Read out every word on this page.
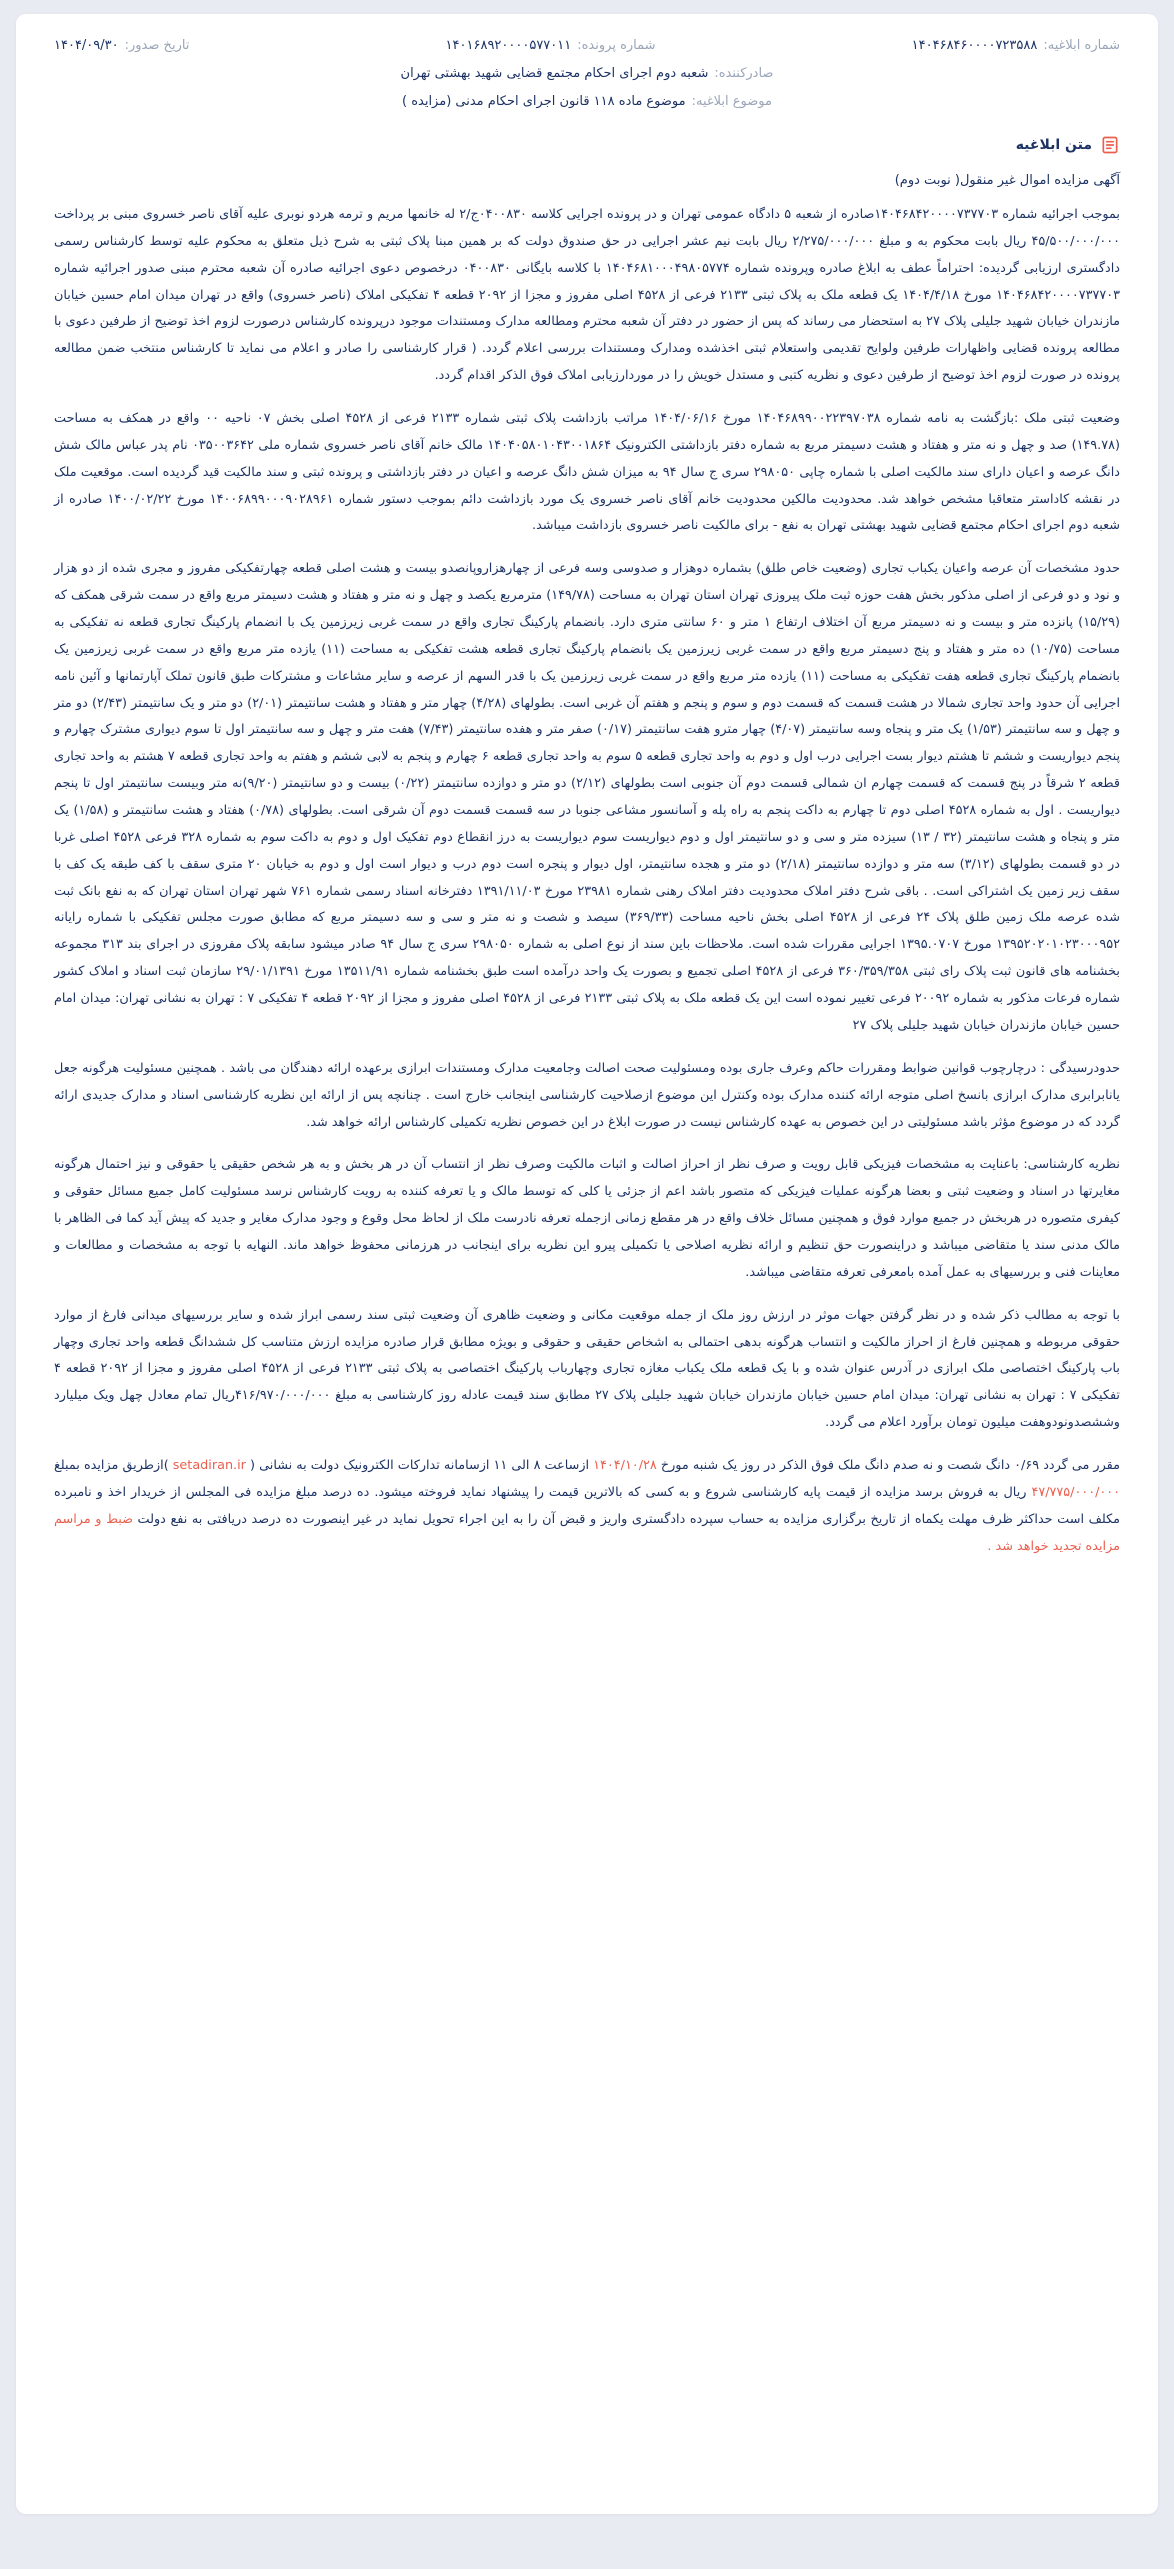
شماره ابلاغیه:
۱۴۰۴۶۸۴۶۰۰۰۰۷۲۳۵۸۸
شماره پرونده:
۱۴۰۱۶۸۹۲۰۰۰۰۵۷۷۰۱۱
تاریخ صدور:
۱۴۰۴/۰۹/۳۰
صادرکننده:
شعبه دوم اجرای احکام مجتمع قضایی شهید بهشتی تهران
موضوع ابلاغیه:
موضوع ماده ۱۱۸ قانون اجرای احکام مدنی (مزایده )
متن ابلاغیه

آگهی مزایده اموال غیر منقول( نوبت دوم)

بموجب اجرائیه شماره ۱۴۰۴۶۸۴۲۰۰۰۰۷۳۷۷۰۳صادره از شعبه ۵ دادگاه عمومی تهران و در پرونده اجرایی کلاسه ۰۴۰۰۸۳۰ج/۲ له خانمها مریم و ترمه هردو نوبری علیه آقای ناصر خسروی مبنی بر پرداخت ۴۵/۵۰۰/۰۰۰/۰۰۰ ریال بابت محکوم به و مبلغ ۲/۲۷۵/۰۰۰/۰۰۰ ریال بابت نیم عشر اجرایی در حق صندوق دولت که بر همین مبنا پلاک ثبتی به شرح ذیل متعلق به محکوم علیه توسط کارشناس رسمی دادگستری ارزیابی گردیده: احتراماً عطف به ابلاغ صادره وپرونده شماره ۱۴۰۴۶۸۱۰۰۰۴۹۸۰۵۷۷۴ با کلاسه بایگانی ۰۴۰۰۸۳۰ درخصوص دعوی اجرائیه صادره آن شعبه محترم مبنی صدور اجرائیه شماره ۱۴۰۴۶۸۴۲۰۰۰۰۷۳۷۷۰۳ مورخ ۱۴۰۴/۴/۱۸ یک قطعه ملک به پلاک ثبتی ۲۱۳۳ فرعی از ۴۵۲۸ اصلی مفروز و مجزا از ۲۰۹۲ قطعه ۴ تفکیکی املاک (ناصر خسروی) واقع در تهران میدان امام حسین خیابان مازندران خیابان شهید جلیلی پلاک ۲۷ به استحضار می رساند که پس از حضور در دفتر آن شعبه محترم ومطالعه مدارک ومستندات موجود درپرونده کارشناس درصورت لزوم اخذ توضیح از طرفین دعوی با مطالعه پرونده قضایی واظهارات طرفین ولوایح تقدیمی واستعلام ثبتی اخذشده ومدارک ومستندات بررسی اعلام گردد. ( قرار کارشناسی را صادر و اعلام می نماید تا کارشناس منتخب ضمن مطالعه پرونده در صورت لزوم اخذ توضیح از طرفین دعوی و نظریه کتبی و مستدل خویش را در موردارزیابی املاک فوق الذکر اقدام گردد.

وضعیت ثبتی ملک :بازگشت به نامه شماره ۱۴۰۴۶۸۹۹۰۰۲۲۳۹۷۰۳۸ مورخ ۱۴۰۴/۰۶/۱۶ مراتب بازداشت پلاک ثبتی شماره ۲۱۳۳ فرعی از ۴۵۲۸ اصلی بخش ۰۷ ناحیه ۰۰ واقع در همکف به مساحت (۱۴۹.۷۸) صد و چهل و نه متر و هفتاد و هشت دسیمتر مربع به شماره دفتر بازداشتی الکترونیک ۱۴۰۴۰۵۸۰۱۰۴۳۰۰۱۸۶۴ مالک خانم آقای ناصر خسروی شماره ملی ۰۳۵۰۰۳۶۴۲ نام پدر عباس مالک شش دانگ عرصه و اعیان دارای سند مالکیت اصلی با شماره چاپی ۲۹۸۰۵۰ سری ج سال ۹۴ به میزان شش دانگ عرصه و اعیان در دفتر بازداشتی و پرونده ثبتی و سند مالکیت قید گردیده است. موقعیت ملک در نقشه کاداستر متعاقبا مشخص خواهد شد. محدودیت مالکین محدودیت خانم آقای ناصر خسروی یک مورد بازداشت دائم بموجب دستور شماره ۱۴۰۰۶۸۹۹۰۰۰۹۰۲۸۹۶۱ مورخ ۱۴۰۰/۰۲/۲۲ صادره از شعبه دوم اجرای احکام مجتمع قضایی شهید بهشتی تهران به نفع - برای مالکیت ناصر خسروی بازداشت میباشد.

حدود مشخصات آن عرصه واعیان یکباب تجاری (وضعیت خاص طلق) بشماره دوهزار و صدوسی وسه فرعی از چهارهزاروپانصدو بیست و هشت اصلی قطعه چهارتفکیکی مفروز و مجری شده از دو هزار و نود و دو فرعی از اصلی مذکور بخش هفت حوزه ثبت ملک پیروزی تهران استان تهران به مساحت (۱۴۹/۷۸) مترمربع یکصد و چهل و نه متر و هفتاد و هشت دسیمتر مربع واقع در سمت شرقی همکف که (۱۵/۲۹) پانزده متر و بیست و نه دسیمتر مربع آن اختلاف ارتفاع ۱ متر و ۶۰ سانتی متری دارد. بانضمام پارکینگ تجاری واقع در سمت غربی زیرزمین یک با انضمام پارکینگ تجاری قطعه نه تفکیکی به مساحت (۱۰/۷۵) ده متر و هفتاد و پنج دسیمتر مربع واقع در سمت غربی زیرزمین یک بانضمام پارکینگ تجاری قطعه هشت تفکیکی به مساحت (۱۱) یازده متر مربع واقع در سمت غربی زیرزمین یک بانضمام پارکینگ تجاری قطعه هفت تفکیکی به مساحت (۱۱) یازده متر مربع واقع در سمت غربی زیرزمین یک با قدر السهم از عرصه و سایر مشاعات و مشترکات طبق قانون تملک آپارتمانها و آئین نامه اجرایی آن حدود واحد تجاری شمالا در هشت قسمت که قسمت دوم و سوم و پنجم و هفتم آن غربی است. بطولهای (۴/۲۸) چهار متر و هفتاد و هشت سانتیمتر (۲/۰۱) دو متر و یک سانتیمتر (۲/۴۳) دو متر و چهل و سه سانتیمتر (۱/۵۳) یک متر و پنجاه وسه سانتیمتر (۴/۰۷) چهار مترو هفت سانتیمتر (۰/۱۷) صفر متر و هفده سانتیمتر (۷/۴۳) هفت متر و چهل و سه سانتیمتر اول تا سوم دیواری مشترک چهارم و پنجم دیواریست و ششم تا هشتم دیوار بست اجرایی درب اول و دوم به واحد تجاری قطعه ۵ سوم به واحد تجاری قطعه ۶ چهارم و پنجم به لابی ششم و هفتم به واحد تجاری قطعه ۷ هشتم به واحد تجاری قطعه ۲ شرقاً در پنج قسمت که قسمت چهارم ان شمالی قسمت دوم آن جنوبی است بطولهای (۲/۱۲) دو متر و دوازده سانتیمتر (۰/۲۲) بیست و دو سانتیمتر (۹/۲۰)نه متر وبیست سانتیمتر اول تا پنجم دیواریست . اول به شماره ۴۵۲۸ اصلی دوم تا چهارم به داکت پنجم به راه پله و آسانسور مشاعی جنوبا در سه قسمت قسمت دوم آن شرقی است. بطولهای (۰/۷۸) هفتاد و هشت سانتیمتر و (۱/۵۸) یک متر و پنجاه و هشت سانتیمتر (۳۲ / ۱۳) سیزده متر و سی و دو سانتیمتر اول و دوم دیواریست سوم دیواریست به درز انقطاع دوم تفکیک اول و دوم به داکت سوم به شماره ۳۲۸ فرعی ۴۵۲۸ اصلی غربا در دو قسمت بطولهای (۳/۱۲) سه متر و دوازده سانتیمتر (۲/۱۸) دو متر و هجده سانتیمتر، اول دیوار و پنجره است دوم درب و دیوار است اول و دوم به خیابان ۲۰ متری سقف با کف طبقه یک کف با سقف زیر زمین یک اشتراکی است. . باقی شرح دفتر املاک محدودیت دفتر املاک رهنی شماره ۲۳۹۸۱ مورخ ۱۳۹۱/۱۱/۰۳ دفترخانه اسناد رسمی شماره ۷۶۱ شهر تهران استان تهران که به نفع بانک ثبت شده عرصه ملک زمین طلق پلاک ۲۴ فرعی از ۴۵۲۸ اصلی بخش ناحیه مساحت (۳۶۹/۳۳) سیصد و شصت و نه متر و سی و سه دسیمتر مربع که مطابق صورت مجلس تفکیکی با شماره رایانه ۱۳۹۵۲۰۲۰۱۰۲۳۰۰۰۹۵۲ مورخ ۱۳۹۵.۰۷۰۷ اجرایی مقررات شده است. ملاحظات باین سند از نوع اصلی به شماره ۲۹۸۰۵۰ سری ج سال ۹۴ صادر میشود سابقه پلاک مفروزی در اجرای بند ۳۱۳ مجموعه بخشنامه های قانون ثبت پلاک رای ثبتی ۳۶۰/۳۵۹/۳۵۸ فرعی از ۴۵۲۸ اصلی تجمیع و بصورت یک واحد درآمده است طبق بخشنامه شماره ۱۳۵۱۱/۹۱ مورخ ۲۹/۰۱/۱۳۹۱ سازمان ثبت اسناد و املاک کشور شماره فرعات مذکور به شماره ۲۰۰۹۲ فرعی تغییر نموده است این یک قطعه ملک به پلاک ثبتی ۲۱۳۳ فرعی از ۴۵۲۸ اصلی مفروز و مجزا از ۲۰۹۲ قطعه ۴ تفکیکی ۷ : تهران به نشانی تهران: میدان امام حسین خیابان مازندران خیابان شهید جلیلی پلاک ۲۷

حدودرسیدگی : درچارچوب قوانین ضوابط ومقررات حاکم وعرف جاری بوده ومسئولیت صحت اصالت وجامعیت مدارک ومستندات ابرازی برعهده ارائه دهندگان می باشد . همچنین مسئولیت هرگونه جعل یانابرابری مدارک ابرازی بانسخ اصلی متوجه ارائه کننده مدارک بوده وکنترل این موضوع ازصلاحیت کارشناسی اینجانب خارج است . چنانچه پس از ارائه این نظریه کارشناسی اسناد و مدارک جدیدی ارائه گردد که در موضوع مؤثر باشد مسئولیتی در این خصوص به عهده کارشناس نیست در صورت ابلاغ در این خصوص نظریه تکمیلی کارشناس ارائه خواهد شد.

نظریه کارشناسی: باعنایت به مشخصات فیزیکی قابل رویت و صرف نظر از احراز اصالت و اثبات مالکیت وصرف نظر از انتساب آن در هر بخش و به هر شخص حقیقی یا حقوقی و نیز احتمال هرگونه مغایرتها در اسناد و وضعیت ثبتی و بعضا هرگونه عملیات فیزیکی که متصور باشد اعم از جزئی یا کلی که توسط مالک و یا تعرفه کننده به رویت کارشناس نرسد مسئولیت کامل جمیع مسائل حقوقی و کیفری متصوره در هربخش در جمیع موارد فوق و همچنین مسائل خلاف واقع در هر مقطع زمانی ازجمله تعرفه نادرست ملک از لحاظ محل وقوع و وجود مدارک مغایر و جدید که پیش آید کما فی الظاهر با مالک مدنی سند یا متقاضی میباشد و دراینصورت حق تنظیم و ارائه نظریه اصلاحی یا تکمیلی پیرو این نظریه برای اینجانب در هرزمانی محفوظ خواهد ماند. النهایه با توجه به مشخصات و مطالعات و معاینات فنی و بررسیهای به عمل آمده بامعرفی تعرفه متقاضی میباشد.

با توجه به مطالب ذکر شده و در نظر گرفتن جهات موثر در ارزش روز ملک از جمله موقعیت مکانی و وضعیت ظاهری آن وضعیت ثبتی سند رسمی ابراز شده و سایر بررسیهای میدانی فارغ از موارد حقوقی مربوطه و همچنین فارغ از احراز مالکیت و انتساب هرگونه بدهی احتمالی به اشخاص حقیقی و حقوقی و بویژه مطابق قرار صادره مزایده ارزش متناسب کل ششدانگ قطعه واحد تجاری وچهار باب پارکینگ اختصاصی ملک ابرازی در آدرس عنوان شده و با یک قطعه ملک یکباب مغازه تجاری وچهارباب پارکینگ اختصاصی به پلاک ثبتی ۲۱۳۳ فرعی از ۴۵۲۸ اصلی مفروز و مجزا از ۲۰۹۲ قطعه ۴ تفکیکی ۷ : تهران به نشانی تهران: میدان امام حسین خیابان مازندران خیابان شهید جلیلی پلاک ۲۷ مطابق سند قیمت عادله روز کارشناسی به مبلغ ۴۱۶/۹۷۰/۰۰۰/۰۰۰ریال تمام معادل چهل ویک میلیارد وششصدونودوهفت میلیون تومان برآورد اعلام می گردد.

مقرر می گردد ۰/۶۹ دانگ شصت و نه صدم دانگ ملک فوق الذکر در روز یک شنبه مورخ ۱۴۰۴/۱۰/۲۸ ازساعت ۸ الی ۱۱ ازسامانه تدارکات الکترونیک دولت به نشانی ( setadiran.ir )ازطریق مزایده بمبلغ ۴۷/۷۷۵/۰۰۰/۰۰۰ ریال به فروش برسد مزایده از قیمت پایه کارشناسی شروع و به کسی که بالاترین قیمت را پیشنهاد نماید فروخته میشود. ده درصد مبلغ مزایده فی المجلس از خریدار اخذ و نامبرده مکلف است حداکثر ظرف مهلت یکماه از تاریخ برگزاری مزایده به حساب سپرده دادگستری واریز و قبض آن را به این اجراء تحویل نماید در غیر اینصورت ده درصد دریافتی به نفع دولت ضبط و مراسم مزایده تجدید خواهد شد .
